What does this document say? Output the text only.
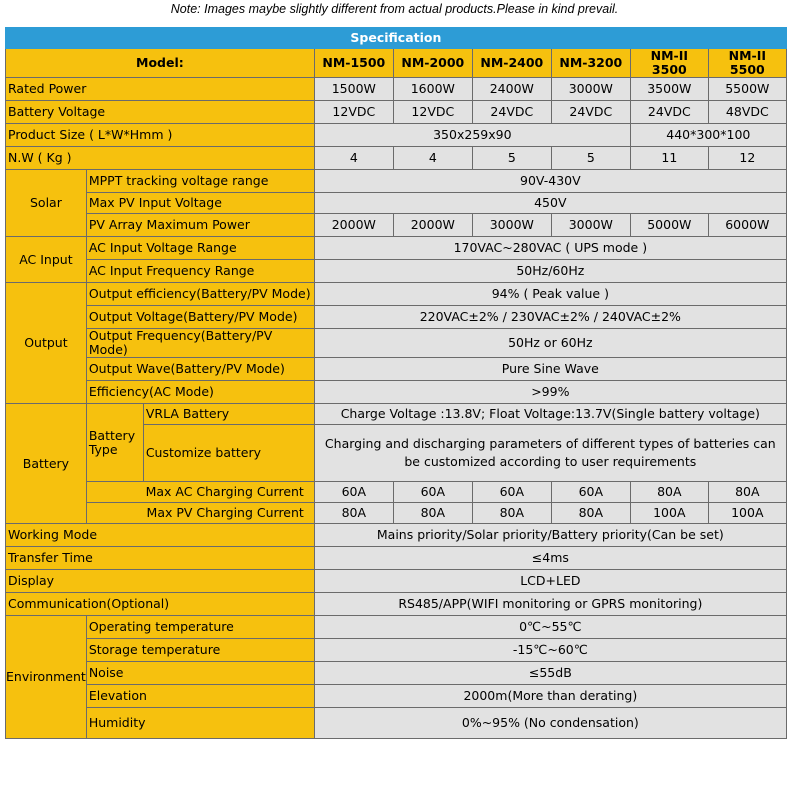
Note: Images maybe slightly different from actual products.Please in kind prevail.
Specification								
Model:			NM-1500	NM-2000	NM-2400	NM-3200	NM-II 3500	NM-II 5500
Rated Power			1500W	1600W	2400W	3000W	3500W	5500W
Battery Voltage			12VDC	12VDC	24VDC	24VDC	24VDC	48VDC
Product Size ( L*W*Hmm )			350x259x90				440*300*100	
N.W ( Kg )			4	4	5	5	11	12
Solar	MPPT tracking voltage range		90V-430V					
	Max PV Input Voltage		450V					
	PV Array Maximum Power		2000W	2000W	3000W	3000W	5000W	6000W
AC Input	AC Input Voltage Range		170VAC~280VAC ( UPS mode )					
	AC Input Frequency Range		50Hz/60Hz					
Output	Output efficiency(Battery/PV Mode)		94% ( Peak value )					
	Output Voltage(Battery/PV Mode)		220VAC±2% / 230VAC±2% / 240VAC±2%					
	Output Frequency(Battery/PV Mode)		50Hz or 60Hz					
	Output Wave(Battery/PV Mode)		Pure Sine Wave					
	Efficiency(AC Mode)		>99%					
Battery	Battery Type	VRLA Battery	Charge Voltage :13.8V; Float Voltage:13.7V(Single battery voltage)					
		Customize battery	Charging and discharging parameters of different types of batteries can be customized according to user requirements					
	Max AC Charging Current		60A	60A	60A	60A	80A	80A
	Max PV Charging Current		80A	80A	80A	80A	100A	100A
Working Mode			Mains priority/Solar priority/Battery priority(Can be set)					
Transfer Time			≤4ms					
Display			LCD+LED					
Communication(Optional)			RS485/APP(WIFI monitoring or GPRS monitoring)					
Environment	Operating temperature		0℃~55℃					
	Storage temperature		-15℃~60℃					
	Noise		≤55dB					
	Elevation		2000m(More than derating)					
	Humidity		0%~95% (No condensation)					
